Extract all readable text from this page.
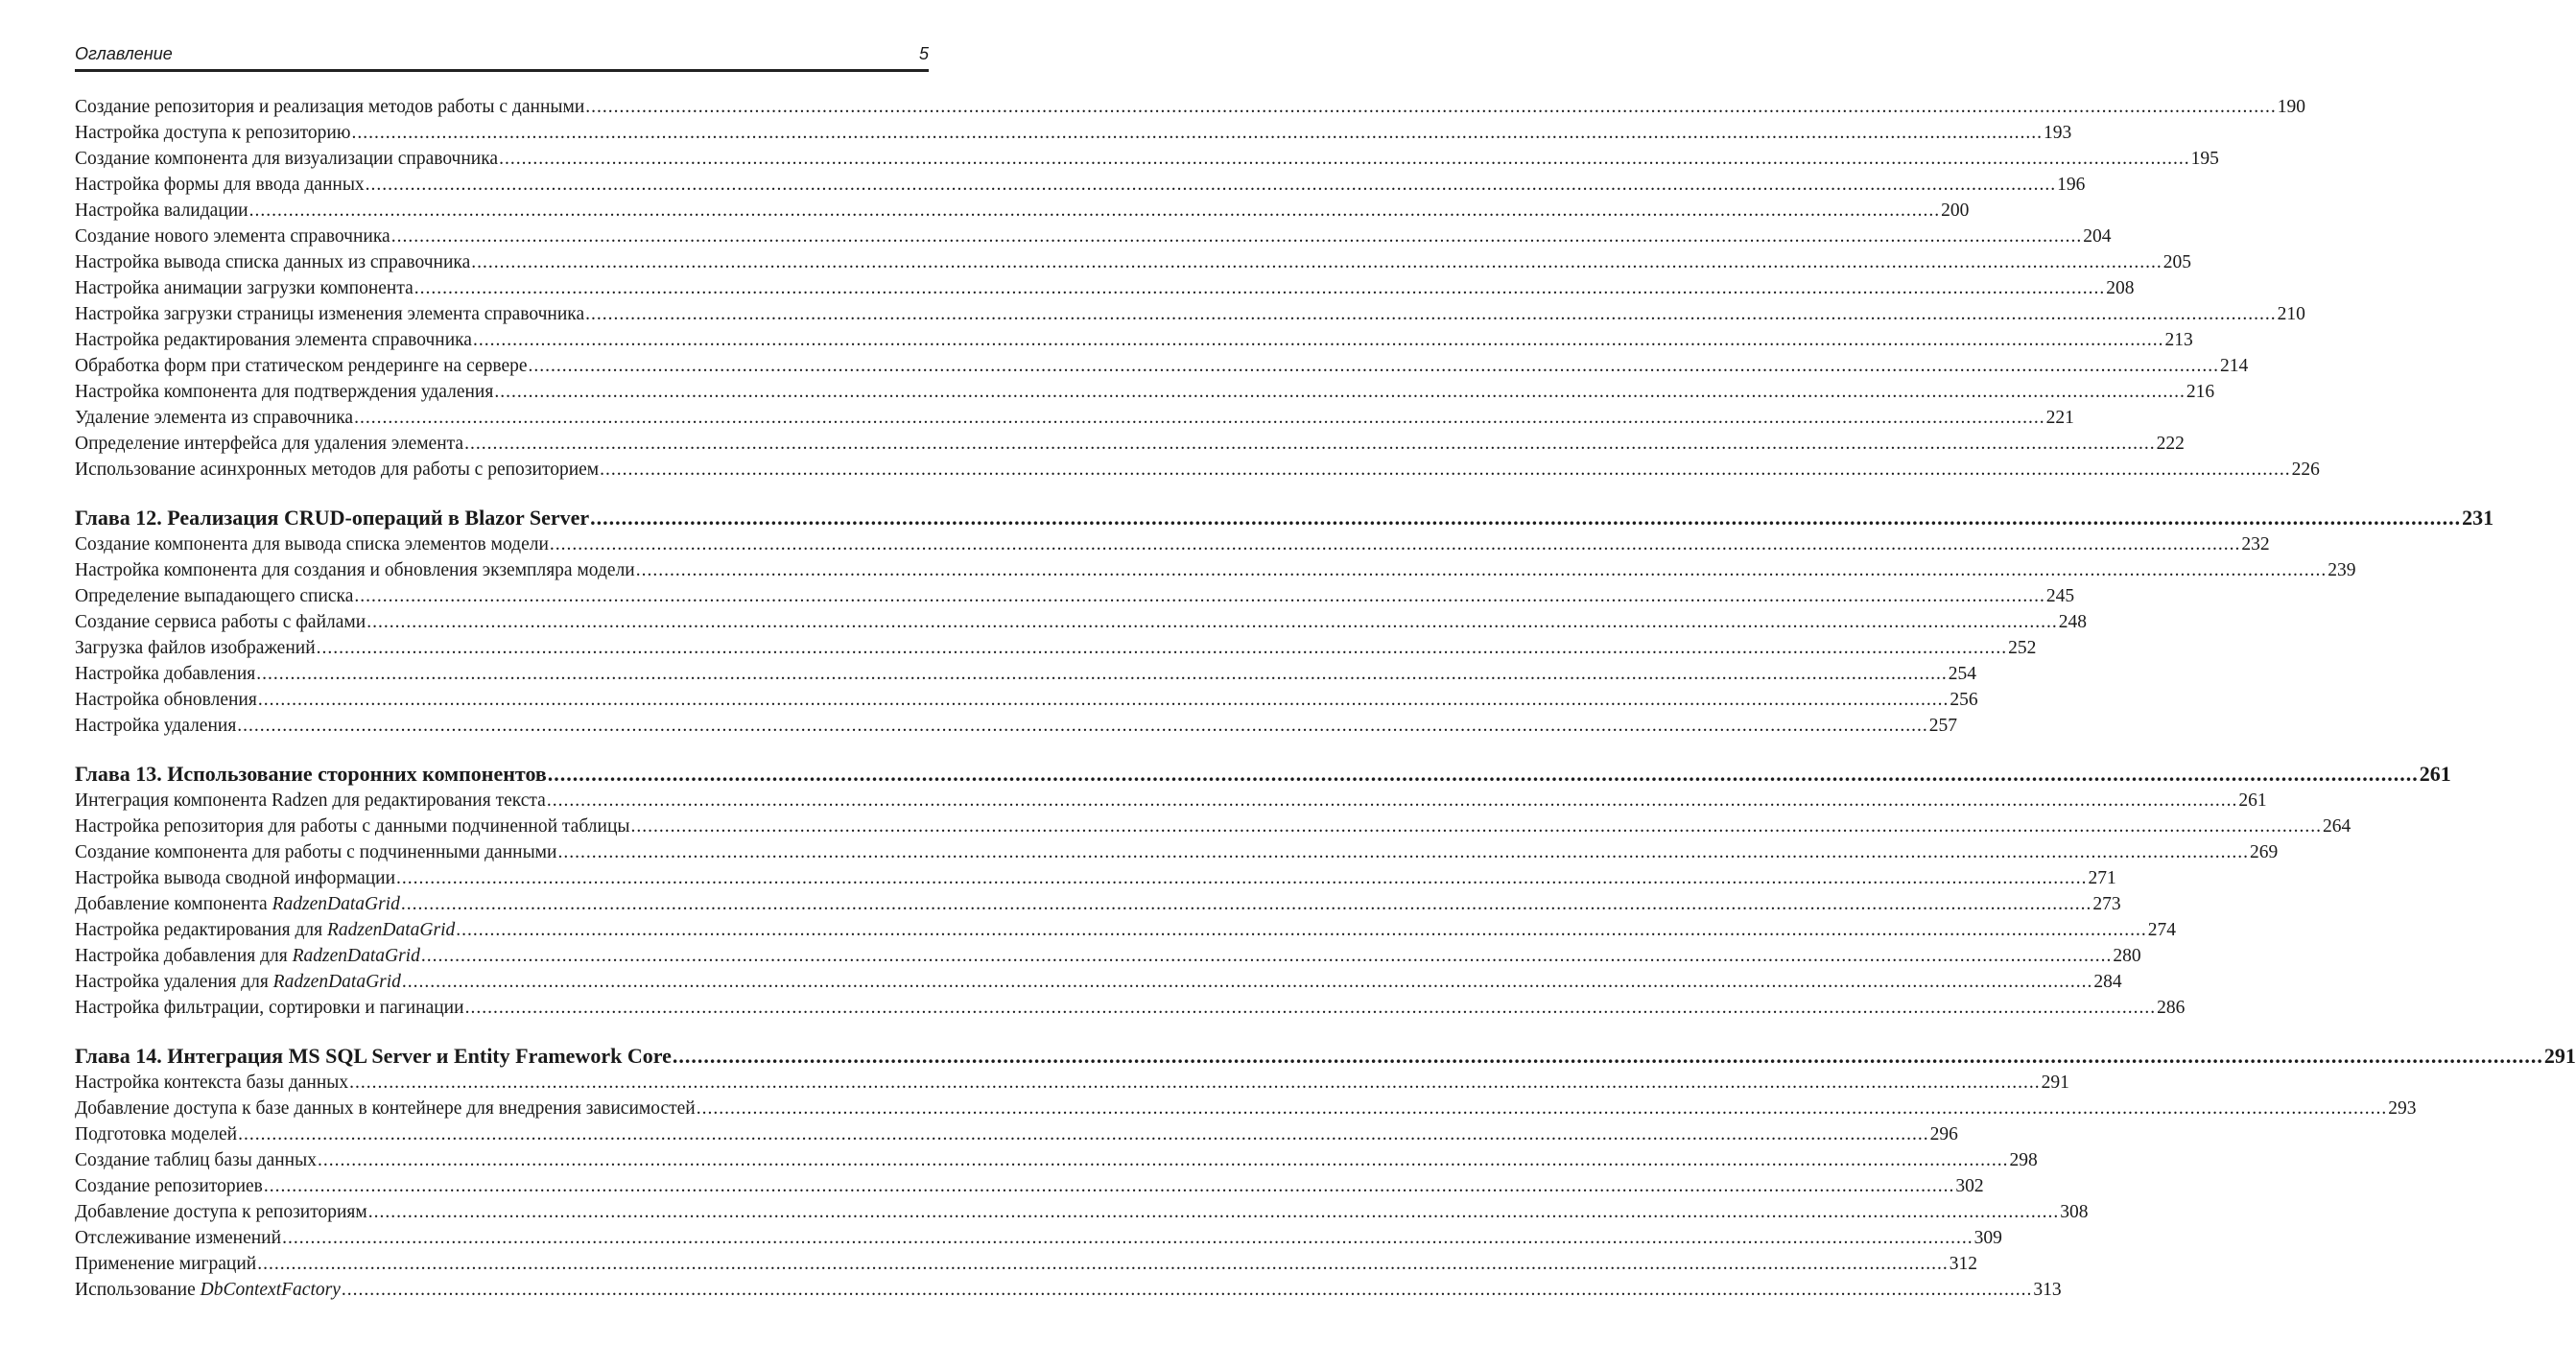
Оглавление	5
Создание репозитория и реализация методов работы с данными ............................................................................................................................................................................................................................................................................................................ 190
Настройка доступа к репозиторию ............................................................................................................................................................................................................................................................................................................ 193
Создание компонента для визуализации справочника ............................................................................................................................................................................................................................................................................................................ 195
Настройка формы для ввода данных ............................................................................................................................................................................................................................................................................................................ 196
Настройка валидации ............................................................................................................................................................................................................................................................................................................ 200
Создание нового элемента справочника ............................................................................................................................................................................................................................................................................................................ 204
Настройка вывода списка данных из справочника ............................................................................................................................................................................................................................................................................................................ 205
Настройка анимации загрузки компонента ............................................................................................................................................................................................................................................................................................................ 208
Настройка загрузки страницы изменения элемента справочника ............................................................................................................................................................................................................................................................................................................ 210
Настройка редактирования элемента справочника ............................................................................................................................................................................................................................................................................................................ 213
Обработка форм при статическом рендеринге на сервере ............................................................................................................................................................................................................................................................................................................ 214
Настройка компонента для подтверждения удаления ............................................................................................................................................................................................................................................................................................................ 216
Удаление элемента из справочника ............................................................................................................................................................................................................................................................................................................ 221
Определение интерфейса для удаления элемента ............................................................................................................................................................................................................................................................................................................ 222
Использование асинхронных методов для работы с репозиторием ............................................................................................................................................................................................................................................................................................................ 226
Глава 12. Реализация CRUD-операций в Blazor Server ............................................................................................................................................................................................................................................................................................................ 231
Создание компонента для вывода списка элементов модели ............................................................................................................................................................................................................................................................................................................ 232
Настройка компонента для создания и обновления экземпляра модели ............................................................................................................................................................................................................................................................................................................ 239
Определение выпадающего списка ............................................................................................................................................................................................................................................................................................................ 245
Создание сервиса работы с файлами ............................................................................................................................................................................................................................................................................................................ 248
Загрузка файлов изображений ............................................................................................................................................................................................................................................................................................................ 252
Настройка добавления ............................................................................................................................................................................................................................................................................................................ 254
Настройка обновления ............................................................................................................................................................................................................................................................................................................ 256
Настройка удаления ............................................................................................................................................................................................................................................................................................................ 257
Глава 13. Использование сторонних компонентов ............................................................................................................................................................................................................................................................................................................ 261
Интеграция компонента Radzen для редактирования текста ............................................................................................................................................................................................................................................................................................................ 261
Настройка репозитория для работы с данными подчиненной таблицы ............................................................................................................................................................................................................................................................................................................ 264
Создание компонента для работы с подчиненными данными ............................................................................................................................................................................................................................................................................................................ 269
Настройка вывода сводной информации ............................................................................................................................................................................................................................................................................................................ 271
Добавление компонента RadzenDataGrid ............................................................................................................................................................................................................................................................................................................ 273
Настройка редактирования для RadzenDataGrid ............................................................................................................................................................................................................................................................................................................ 274
Настройка добавления для RadzenDataGrid ............................................................................................................................................................................................................................................................................................................ 280
Настройка удаления для RadzenDataGrid ............................................................................................................................................................................................................................................................................................................ 284
Настройка фильтрации, сортировки и пагинации ............................................................................................................................................................................................................................................................................................................ 286
Глава 14. Интеграция MS SQL Server и Entity Framework Core ............................................................................................................................................................................................................................................................................................................ 291
Настройка контекста базы данных ............................................................................................................................................................................................................................................................................................................ 291
Добавление доступа к базе данных в контейнере для внедрения зависимостей ............................................................................................................................................................................................................................................................................................................ 293
Подготовка моделей ............................................................................................................................................................................................................................................................................................................ 296
Создание таблиц базы данных ............................................................................................................................................................................................................................................................................................................ 298
Создание репозиториев ............................................................................................................................................................................................................................................................................................................ 302
Добавление доступа к репозиториям ............................................................................................................................................................................................................................................................................................................ 308
Отслеживание изменений ............................................................................................................................................................................................................................................................................................................ 309
Применение миграций ............................................................................................................................................................................................................................................................................................................ 312
Использование DbContextFactory ............................................................................................................................................................................................................................................................................................................ 313
